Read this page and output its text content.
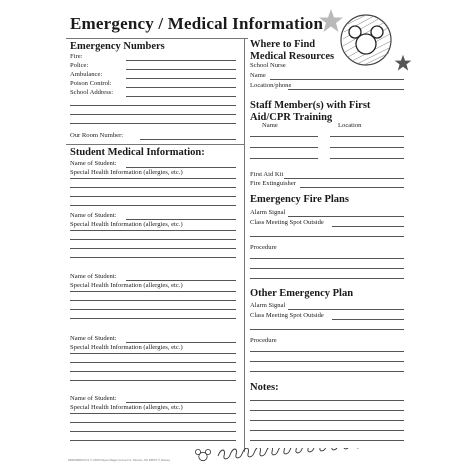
Emergency / Medical Information
Emergency Numbers
Fire:
Police:
Ambulance:
Poison Control:
School Address:
Our Room Number:
Student Medical Information:
Name of Student:
Special Health Information (allergies, etc.)
Name of Student:
Special Health Information (allergies, etc.)
Name of Student:
Special Health Information (allergies, etc.)
Name of Student:
Special Health Information (allergies, etc.)
Name of Student:
Special Health Information (allergies, etc.)
Where to Find
Medical Resources
School Nurse
Name
Location/phone
Staff Member(s) with First
Aid/CPR Training
Name	Location
First Aid Kit
Fire Extinguisher
Emergency Fire Plans
Alarm Signal
Class Meeting Spot Outside
Procedure
Other Emergency Plan
Alarm Signal
Class Meeting Spot Outside
Procedure
Notes:
MWM4589 PC2 © 2015 Paper Magic Group Inc. Moosic, PA 18507 © Disney
